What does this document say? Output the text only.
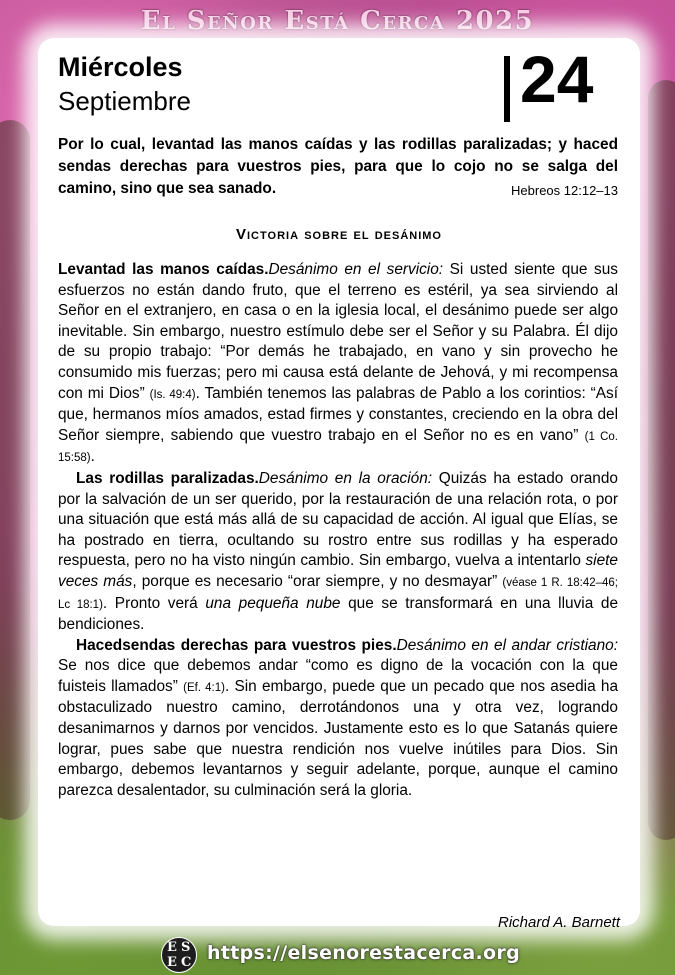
El Señor Está Cerca 2025
Miércoles
Septiembre	24
Por lo cual, levantad las manos caídas y las rodillas paralizadas; y haced sendas derechas para vuestros pies, para que lo cojo no se salga del camino, sino que sea sanado.	Hebreos 12:12–13
Victoria sobre el desánimo

Levantad las manos caídas.Desánimo en el servicio: Si usted siente que sus esfuerzos no están dando fruto, que el terreno es estéril, ya sea sirviendo al Señor en el extranjero, en casa o en la iglesia local, el desánimo puede ser algo inevitable. Sin embargo, nuestro estímulo debe ser el Señor y su Palabra. Él dijo de su propio trabajo: “Por demás he trabajado, en vano y sin provecho he consumido mis fuerzas; pero mi causa está delante de Jehová, y mi recompensa con mi Dios” (Is. 49:4). También tenemos las palabras de Pablo a los corintios: “Así que, hermanos míos amados, estad firmes y constantes, creciendo en la obra del Señor siempre, sabiendo que vuestro trabajo en el Señor no es en vano” (1 Co. 15:58).

Las rodillas paralizadas.Desánimo en la oración: Quizás ha estado orando por la salvación de un ser querido, por la restauración de una relación rota, o por una situación que está más allá de su capacidad de acción. Al igual que Elías, se ha postrado en tierra, ocultando su rostro entre sus rodillas y ha esperado respuesta, pero no ha visto ningún cambio. Sin embargo, vuelva a intentarlo siete veces más, porque es necesario “orar siempre, y no desmayar” (véase 1 R. 18:42–46; Lc 18:1). Pronto verá una pequeña nube que se transformará en una lluvia de bendiciones.

Hacedsendas derechas para vuestros pies.Desánimo en el andar cristiano: Se nos dice que debemos andar “como es digno de la vocación con la que fuisteis llamados” (Ef. 4:1). Sin embargo, puede que un pecado que nos asedia ha obstaculizado nuestro camino, derrotándonos una y otra vez, logrando desanimarnos y darnos por vencidos. Justamente esto es lo que Satanás quiere lograr, pues sabe que nuestra rendición nos vuelve inútiles para Dios. Sin embargo, debemos levantarnos y seguir adelante, porque, aunque el camino parezca desalentador, su culminación será la gloria.

Richard A. Barnett
E S
E C https://elsenorestacerca.org
